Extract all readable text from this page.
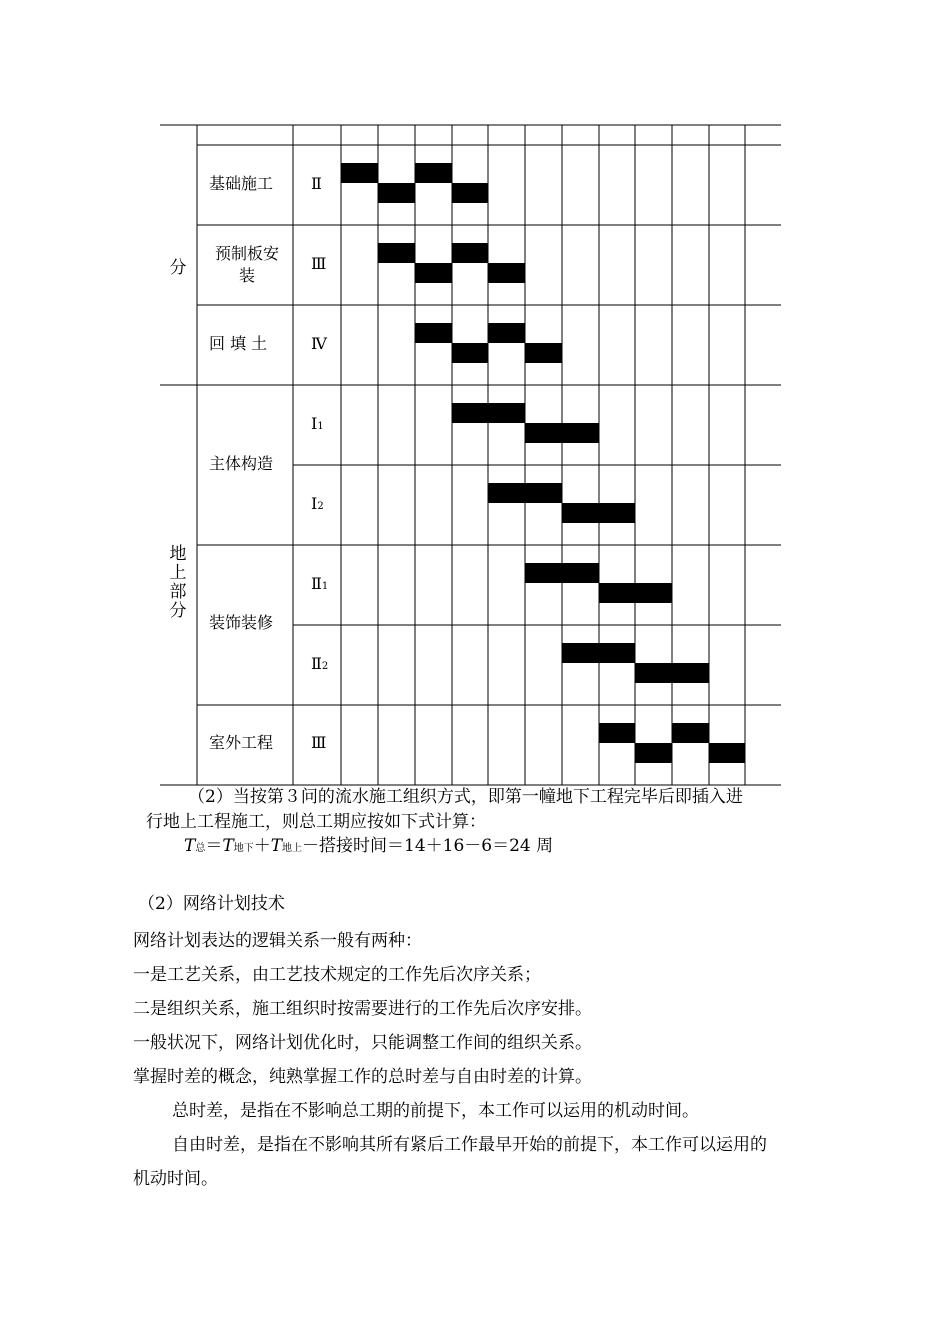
基础施工
预制板安装
回 填 土
主体构造
装饰装修
室外工程
Ⅱ
Ⅲ
Ⅳ
Ⅰ1
Ⅰ2
Ⅱ1
Ⅱ2
Ⅲ
分
地
上
部
分
（2）当按第３问的流水施工组织方式，即第一幢地下工程完毕后即插入进
行地上工程施工，则总工期应按如下式计算：
T总＝T地下＋T地上－搭接时间＝14＋16－6＝24 周
（2）网络计划技术
网络计划表达的逻辑关系一般有两种：
一是工艺关系，由工艺技术规定的工作先后次序关系；
二是组织关系，施工组织时按需要进行的工作先后次序安排。
一般状况下，网络计划优化时，只能调整工作间的组织关系。
掌握时差的概念，纯熟掌握工作的总时差与自由时差的计算。
总时差，是指在不影响总工期的前提下，本工作可以运用的机动时间。
自由时差，是指在不影响其所有紧后工作最早开始的前提下，本工作可以运用的
机动时间。
